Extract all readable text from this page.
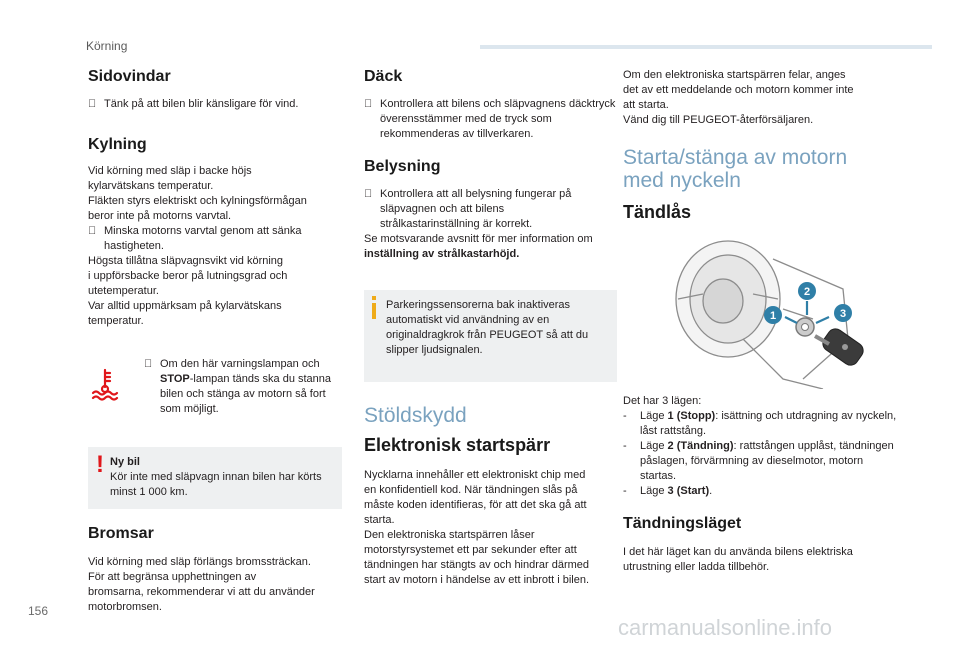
Körning
Sidovindar

Tänk på att bilen blir känsligare för vind.

Kylning

Vid körning med släp i backe höjs

kylarvätskans temperatur.

Fläkten styrs elektriskt och kylningsförmågan

beror inte på motorns varvtal.

Minska motorns varvtal genom att sänka hastigheten.

Högsta tillåtna släpvagnsvikt vid körning

i uppförsbacke beror på lutningsgrad och

utetemperatur.

Var alltid uppmärksam på kylarvätskans

temperatur.

Om den här varningslampan och STOP-lampan tänds ska du stanna bilen och stänga av motorn så fort som möjligt.

! Ny bil

Kör inte med släpvagn innan bilen har körts minst 1 000 km.

Bromsar

Vid körning med släp förlängs bromssträckan.

För att begränsa upphettningen av

bromsarna, rekommenderar vi att du använder

motorbromsen.

Däck

Kontrollera att bilens och släpvagnens däcktryck överensstämmer med de tryck som rekommenderas av tillverkaren.

Belysning

Kontrollera att all belysning fungerar på släpvagnen och att bilens strålkastarinställning är korrekt.

Se motsvarande avsnitt för mer information om

inställning av strålkastarhöjd.

Parkeringssensorerna bak inaktiveras automatiskt vid användning av en originaldragkrok från PEUGEOT så att du slipper ljudsignalen.

Stöldskydd
Elektronisk startspärr

Nycklarna innehåller ett elektroniskt chip med

en konfidentiell kod. När tändningen slås på

måste koden identifieras, för att det ska gå att

starta.

Den elektroniska startspärren låser

motorstyrsystemet ett par sekunder efter att

tändningen har stängts av och hindrar därmed

start av motorn i händelse av ett inbrott i bilen.

Om den elektroniska startspärren felar, anges

det av ett meddelande och motorn kommer inte

att starta.

Vänd dig till PEUGEOT-återförsäljaren.

Starta/stänga av motorn
med nyckeln
Tändlås
1
2
3

Det har 3 lägen:

- Läge 1 (Stopp): isättning och utdragning av nyckeln, låst rattstång.

- Läge 2 (Tändning): rattstången upplåst, tändningen påslagen, förvärmning av dieselmotor, motorn startas.

- Läge 3 (Start).

Tändningsläget

I det här läget kan du använda bilens elektriska

utrustning eller ladda tillbehör.

156
carmanualsonline.info
